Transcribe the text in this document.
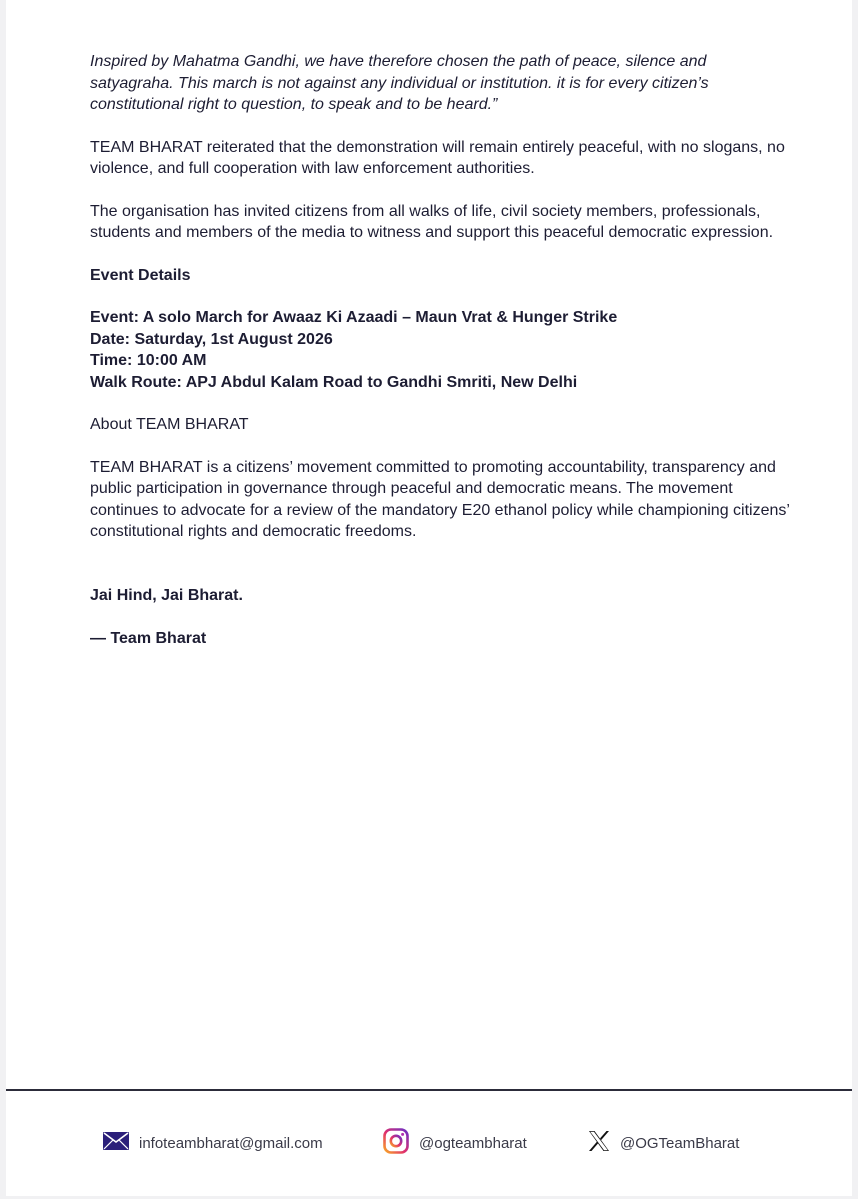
Inspired by Mahatma Gandhi, we have therefore chosen the path of peace, silence and satyagraha. This march is not against any individual or institution. it is for every citizen’s constitutional right to question, to speak and to be heard.”

TEAM BHARAT reiterated that the demonstration will remain entirely peaceful, with no slogans, no violence, and full cooperation with law enforcement authorities.

The organisation has invited citizens from all walks of life, civil society members, professionals, students and members of the media to witness and support this peaceful democratic expression.

Event Details

Event: A solo March for Awaaz Ki Azaadi – Maun Vrat & Hunger Strike

Date: Saturday, 1st August 2026

Time: 10:00 AM

Walk Route: APJ Abdul Kalam Road to Gandhi Smriti, New Delhi

About TEAM BHARAT

TEAM BHARAT is a citizens’ movement committed to promoting accountability, transparency and public participation in governance through peaceful and democratic means. The movement continues to advocate for a review of the mandatory E20 ethanol policy while championing citizens’ constitutional rights and democratic freedoms.

Jai Hind, Jai Bharat.

— Team Bharat

infoteambharat@gmail.com	@ogteambharat	@OGTeamBharat
